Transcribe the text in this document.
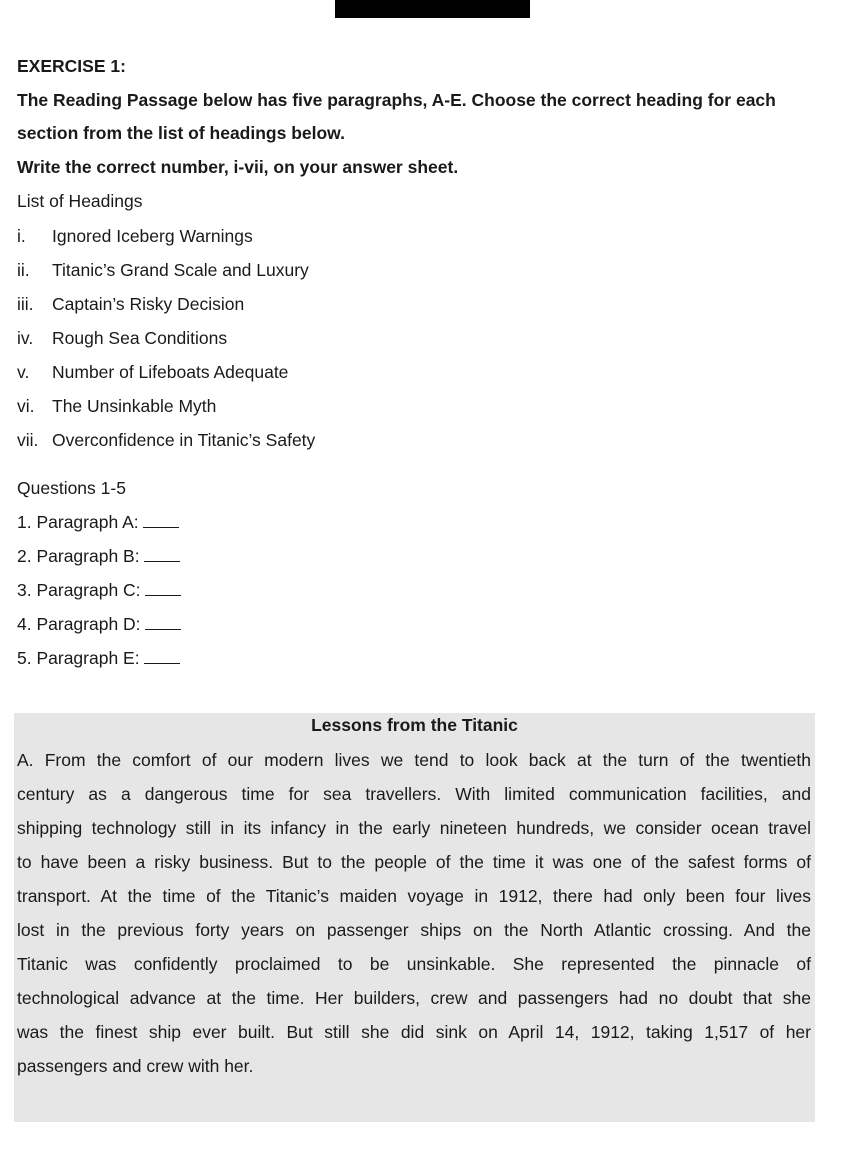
EXERCISE 1:
The Reading Passage below has five paragraphs, A-E. Choose the correct heading for each
section from the list of headings below.
Write the correct number, i-vii, on your answer sheet.
List of Headings
i. Ignored Iceberg Warnings
ii. Titanic’s Grand Scale and Luxury
iii. Captain’s Risky Decision
iv. Rough Sea Conditions
v. Number of Lifeboats Adequate
vi. The Unsinkable Myth
vii. Overconfidence in Titanic’s Safety
Questions 1-5
1. Paragraph A:
2. Paragraph B:
3. Paragraph C:
4. Paragraph D:
5. Paragraph E:
Lessons from the Titanic
A. From the comfort of our modern lives we tend to look back at the turn of the twentieth
century as a dangerous time for sea travellers. With limited communication facilities, and
shipping technology still in its infancy in the early nineteen hundreds, we consider ocean travel
to have been a risky business. But to the people of the time it was one of the safest forms of
transport. At the time of the Titanic’s maiden voyage in 1912, there had only been four lives
lost in the previous forty years on passenger ships on the North Atlantic crossing. And the
Titanic was confidently proclaimed to be unsinkable. She represented the pinnacle of
technological advance at the time. Her builders, crew and passengers had no doubt that she
was the finest ship ever built. But still she did sink on April 14, 1912, taking 1,517 of her
passengers and crew with her.
